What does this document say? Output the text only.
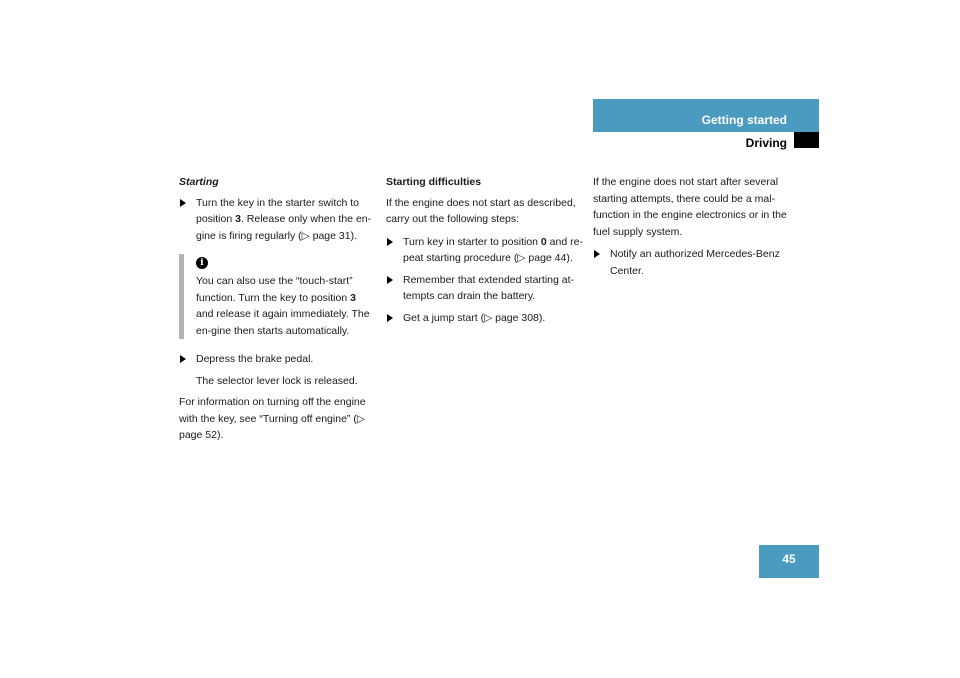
Getting started
Driving

Starting

Turn the key in the starter switch to position 3. Release only when the en-gine is firing regularly (▷ page 31).
i
You can also use the “touch-start” function. Turn the key to position 3 and release it again immediately. The en-gine then starts automatically.
Depress the brake pedal.
The selector lever lock is released.

For information on turning off the engine with the key, see “Turning off engine” (▷ page 52).

Starting difficulties

If the engine does not start as described, carry out the following steps:

Turn key in starter to position 0 and re-peat starting procedure (▷ page 44).
Remember that extended starting at-tempts can drain the battery.
Get a jump start (▷ page 308).

If the engine does not start after several starting attempts, there could be a mal-function in the engine electronics or in the fuel supply system.

Notify an authorized Mercedes-Benz Center.
45
